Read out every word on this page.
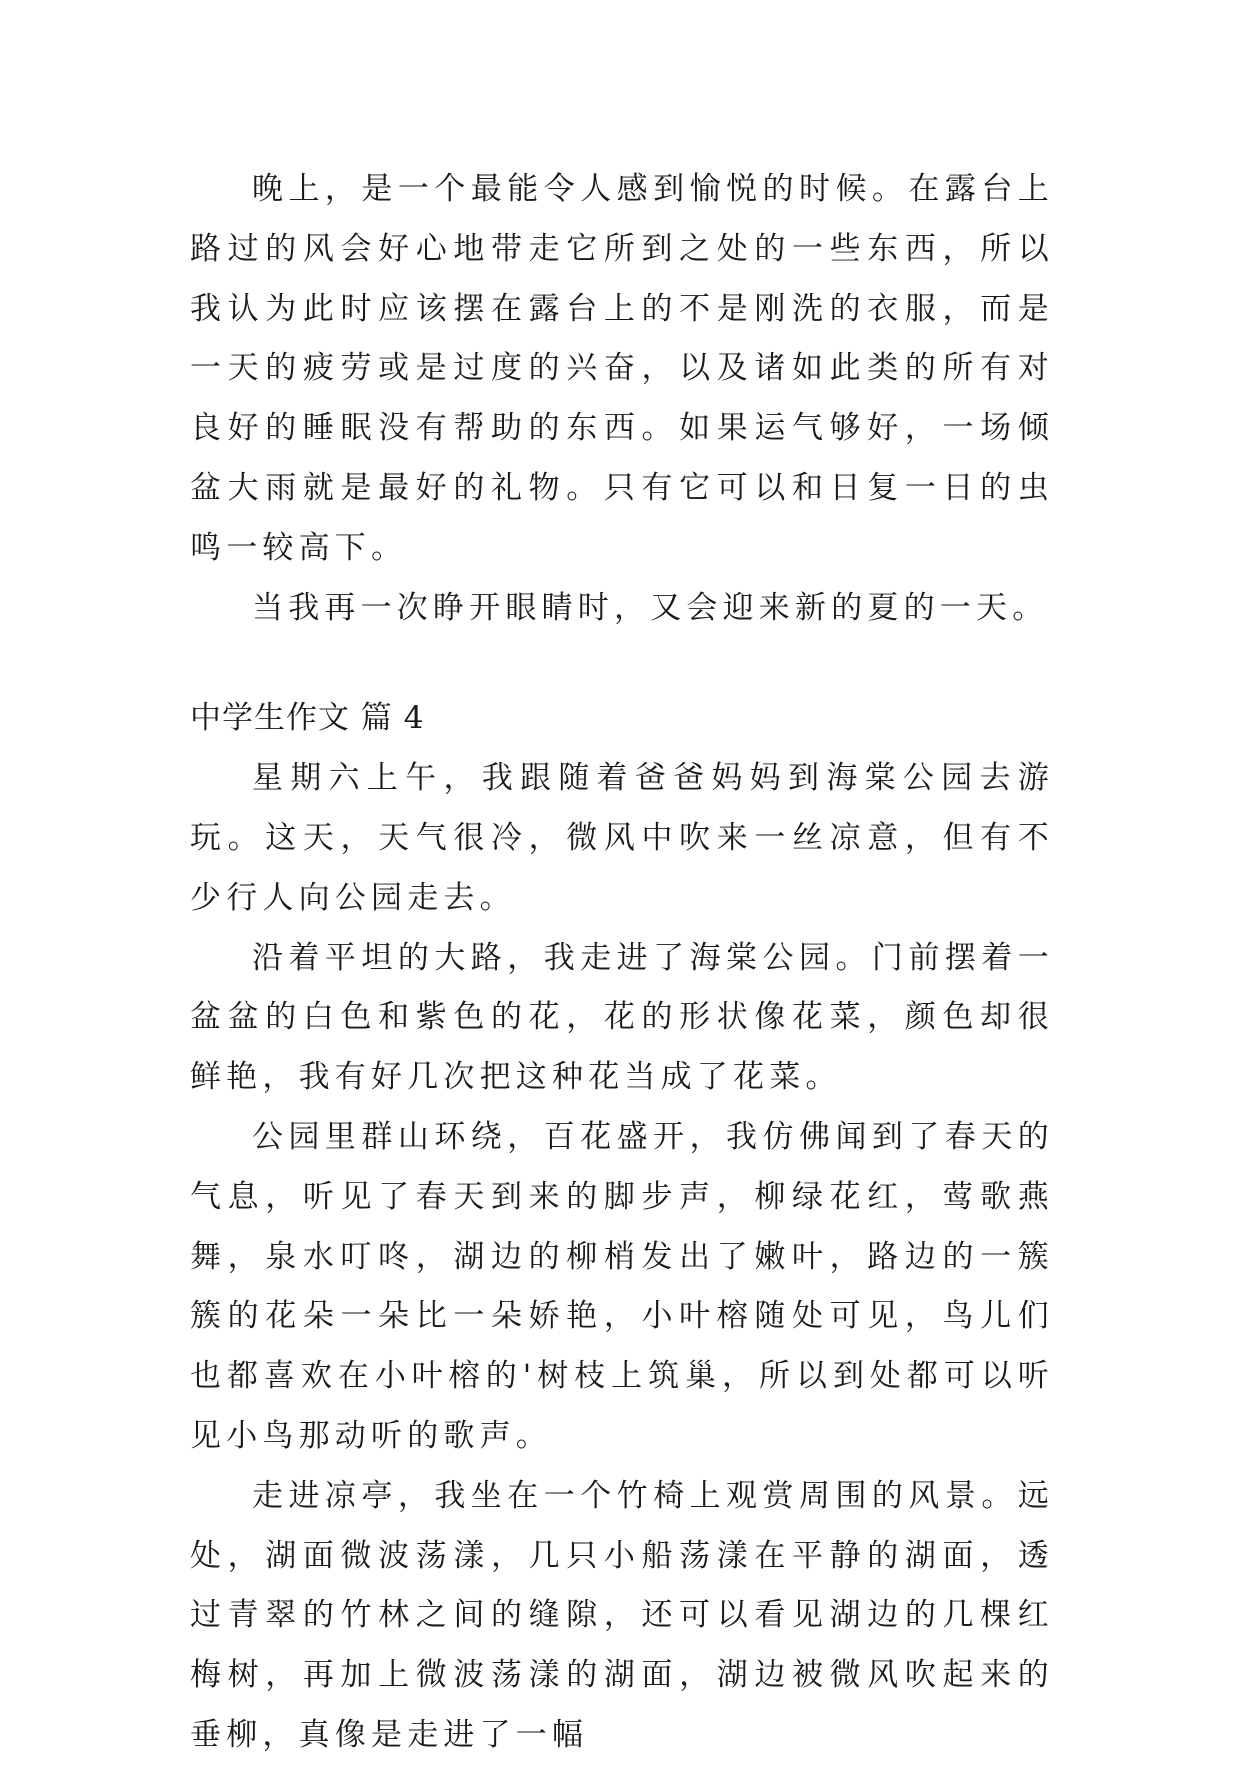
晚上，是一个最能令人感到愉悦的时候。在露台上路过的风会好心地带走它所到之处的一些东西，所以我认为此时应该摆在露台上的不是刚洗的衣服，而是一天的疲劳或是过度的兴奋，以及诸如此类的所有对良好的睡眠没有帮助的东西。如果运气够好，一场倾盆大雨就是最好的礼物。只有它可以和日复一日的虫鸣一较高下。

当我再一次睁开眼睛时，又会迎来新的夏的一天。

中学生作文 篇 4

星期六上午，我跟随着爸爸妈妈到海棠公园去游玩。这天，天气很冷，微风中吹来一丝凉意，但有不少行人向公园走去。

沿着平坦的大路，我走进了海棠公园。门前摆着一盆盆的白色和紫色的花，花的形状像花菜，颜色却很鲜艳，我有好几次把这种花当成了花菜。

公园里群山环绕，百花盛开，我仿佛闻到了春天的气息，听见了春天到来的脚步声，柳绿花红，莺歌燕舞，泉水叮咚，湖边的柳梢发出了嫩叶，路边的一簇簇的花朵一朵比一朵娇艳，小叶榕随处可见，鸟儿们也都喜欢在小叶榕的'树枝上筑巢，所以到处都可以听见小鸟那动听的歌声。

走进凉亭，我坐在一个竹椅上观赏周围的风景。远处，湖面微波荡漾，几只小船荡漾在平静的湖面，透过青翠的竹林之间的缝隙，还可以看见湖边的几棵红梅树，再加上微波荡漾的湖面，湖边被微风吹起来的垂柳，真像是走进了一幅
